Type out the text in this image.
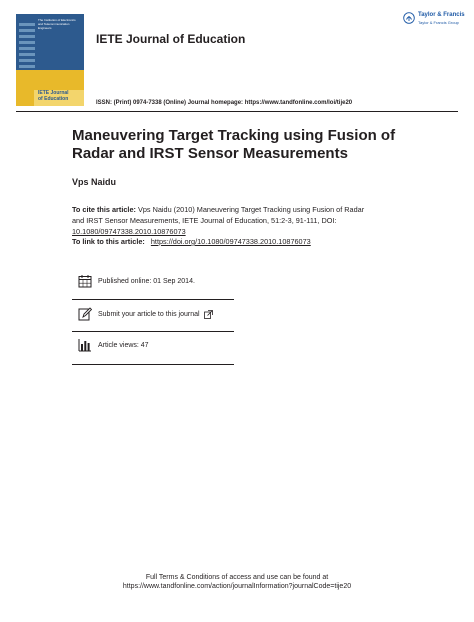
The Institution of Electronics and Telecommunication Engineers
IETE Journal
of Education
IETE Journal of Education
Taylor & Francis
Taylor & Francis Group
ISSN: (Print) 0974-7338 (Online) Journal homepage: https://www.tandfonline.com/loi/tije20
Maneuvering Target Tracking using Fusion of Radar and IRST Sensor Measurements
Vps Naidu
To cite this article: Vps Naidu (2010) Maneuvering Target Tracking using Fusion of Radar and IRST Sensor Measurements, IETE Journal of Education, 51:2-3, 91-111, DOI: 10.1080/09747338.2010.10876073
To link to this article: https://doi.org/10.1080/09747338.2010.10876073
Published online: 01 Sep 2014.
Submit your article to this journal
Article views: 47
Full Terms & Conditions of access and use can be found at
https://www.tandfonline.com/action/journalInformation?journalCode=tije20
